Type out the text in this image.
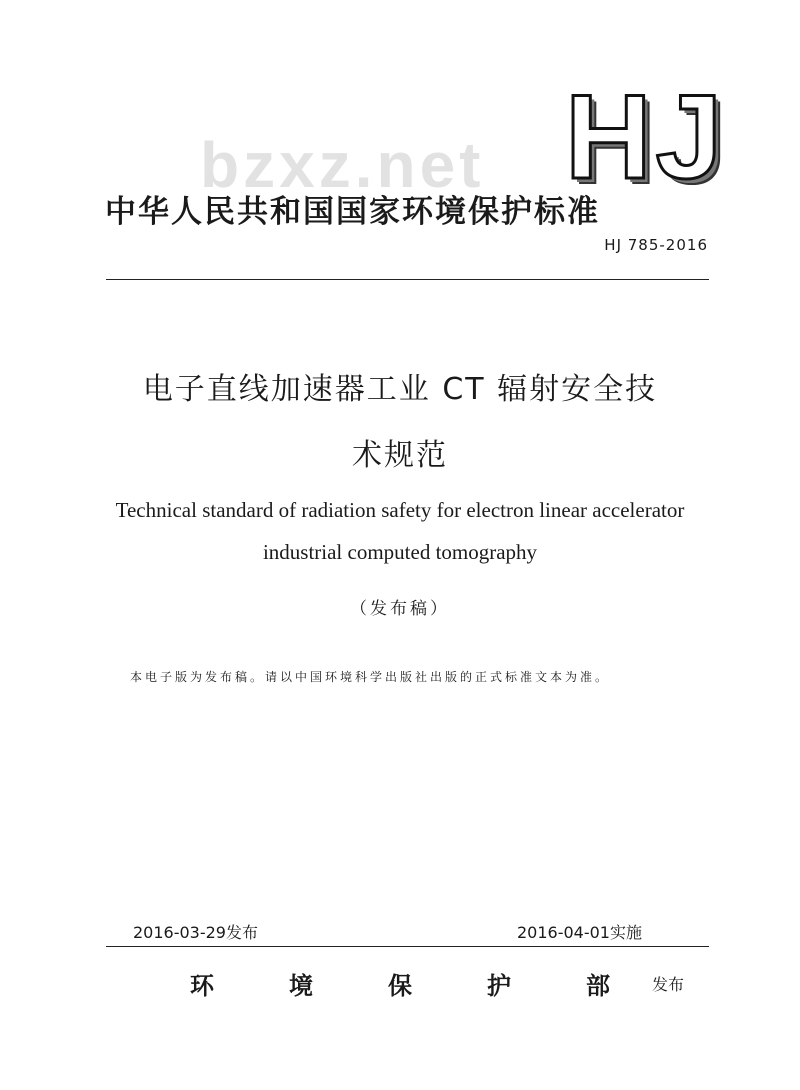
HJ
bzxz.net
中华人民共和国国家环境保护标准
HJ 785-2016
电子直线加速器工业 CT 辐射安全技
术规范
Technical standard of radiation safety for electron linear accelerator
industrial computed tomography
（发布稿）
本电子版为发布稿。请以中国环境科学出版社出版的正式标准文本为准。
2016-03-29发布	2016-04-01实施
环	境	保	护	部	发布
